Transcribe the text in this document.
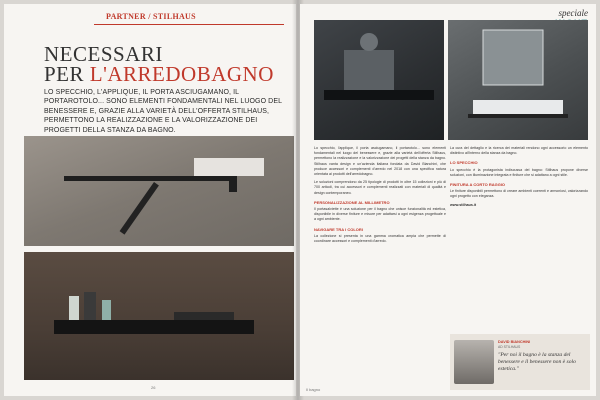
PARTNER / STILHAUS
NECESSARI
PER L'ARREDOBAGNO
LO SPECCHIO, L'APPLIQUE, IL PORTA ASCIUGAMANO, IL PORTAROTOLO... SONO ELEMENTI FONDAMENTALI NEL LUOGO DEL BENESSERE E, GRAZIE ALLA VARIETÀ DELL'OFFERTA STILHAUS, PERMETTONO LA REALIZZAZIONE E LA VALORIZZAZIONE DEI PROGETTI DELLA STANZA DA BAGNO.
26
speciale

Lo specchio, l'applique, il porta asciugamano, il portarotolo... sono elementi fondamentali nel luogo del benessere e, grazie alla varietà dell'offerta Stilhaus, permettono la realizzazione e la valorizzazione dei progetti della stanza da bagno. Stilhaus vanta design e un'azienda italiana fondata da David Bianchini, che produce accessori e complementi d'arredo nel 2018 con una specifica natura orientata ai prodotti dell'arredobagno.

Le soluzioni comprendono da 25 tipologie di prodotti in oltre 15 collezioni e più di 700 articoli, tra cui accessori e complementi realizzati con materiali di qualità e design contemporaneo.

PERSONALIZZAZIONE AL MILLIMETRO

Il portasalviette è una soluzione per il bagno che unisce funzionalità ed estetica, disponibile in diverse finiture e misure per adattarsi a ogni esigenza progettuale e a ogni ambiente.

NAVIGARE TRA I COLORI

La collezione si presenta in una gamma cromatica ampia che permette di coordinare accessori e complementi d'arredo.

La cura del dettaglio e la ricerca dei materiali rendono ogni accessorio un elemento distintivo all'interno della stanza da bagno.

LO SPECCHIO

Lo specchio è la protagonista indiscussa del bagno: Stilhaus propone diverse soluzioni, con illuminazione integrata e finiture che si adattano a ogni stile.

FINITURA A CORTO RAGGIO

Le finiture disponibili permettono di creare ambienti coerenti e armoniosi, valorizzando ogni progetto con eleganza.

www.stilhaus.it
DAVID BIANCHINI
AD STILHAUS
"Per noi il bagno è la stanza del benessere e il benessere non è solo estetica."
Il bagno
